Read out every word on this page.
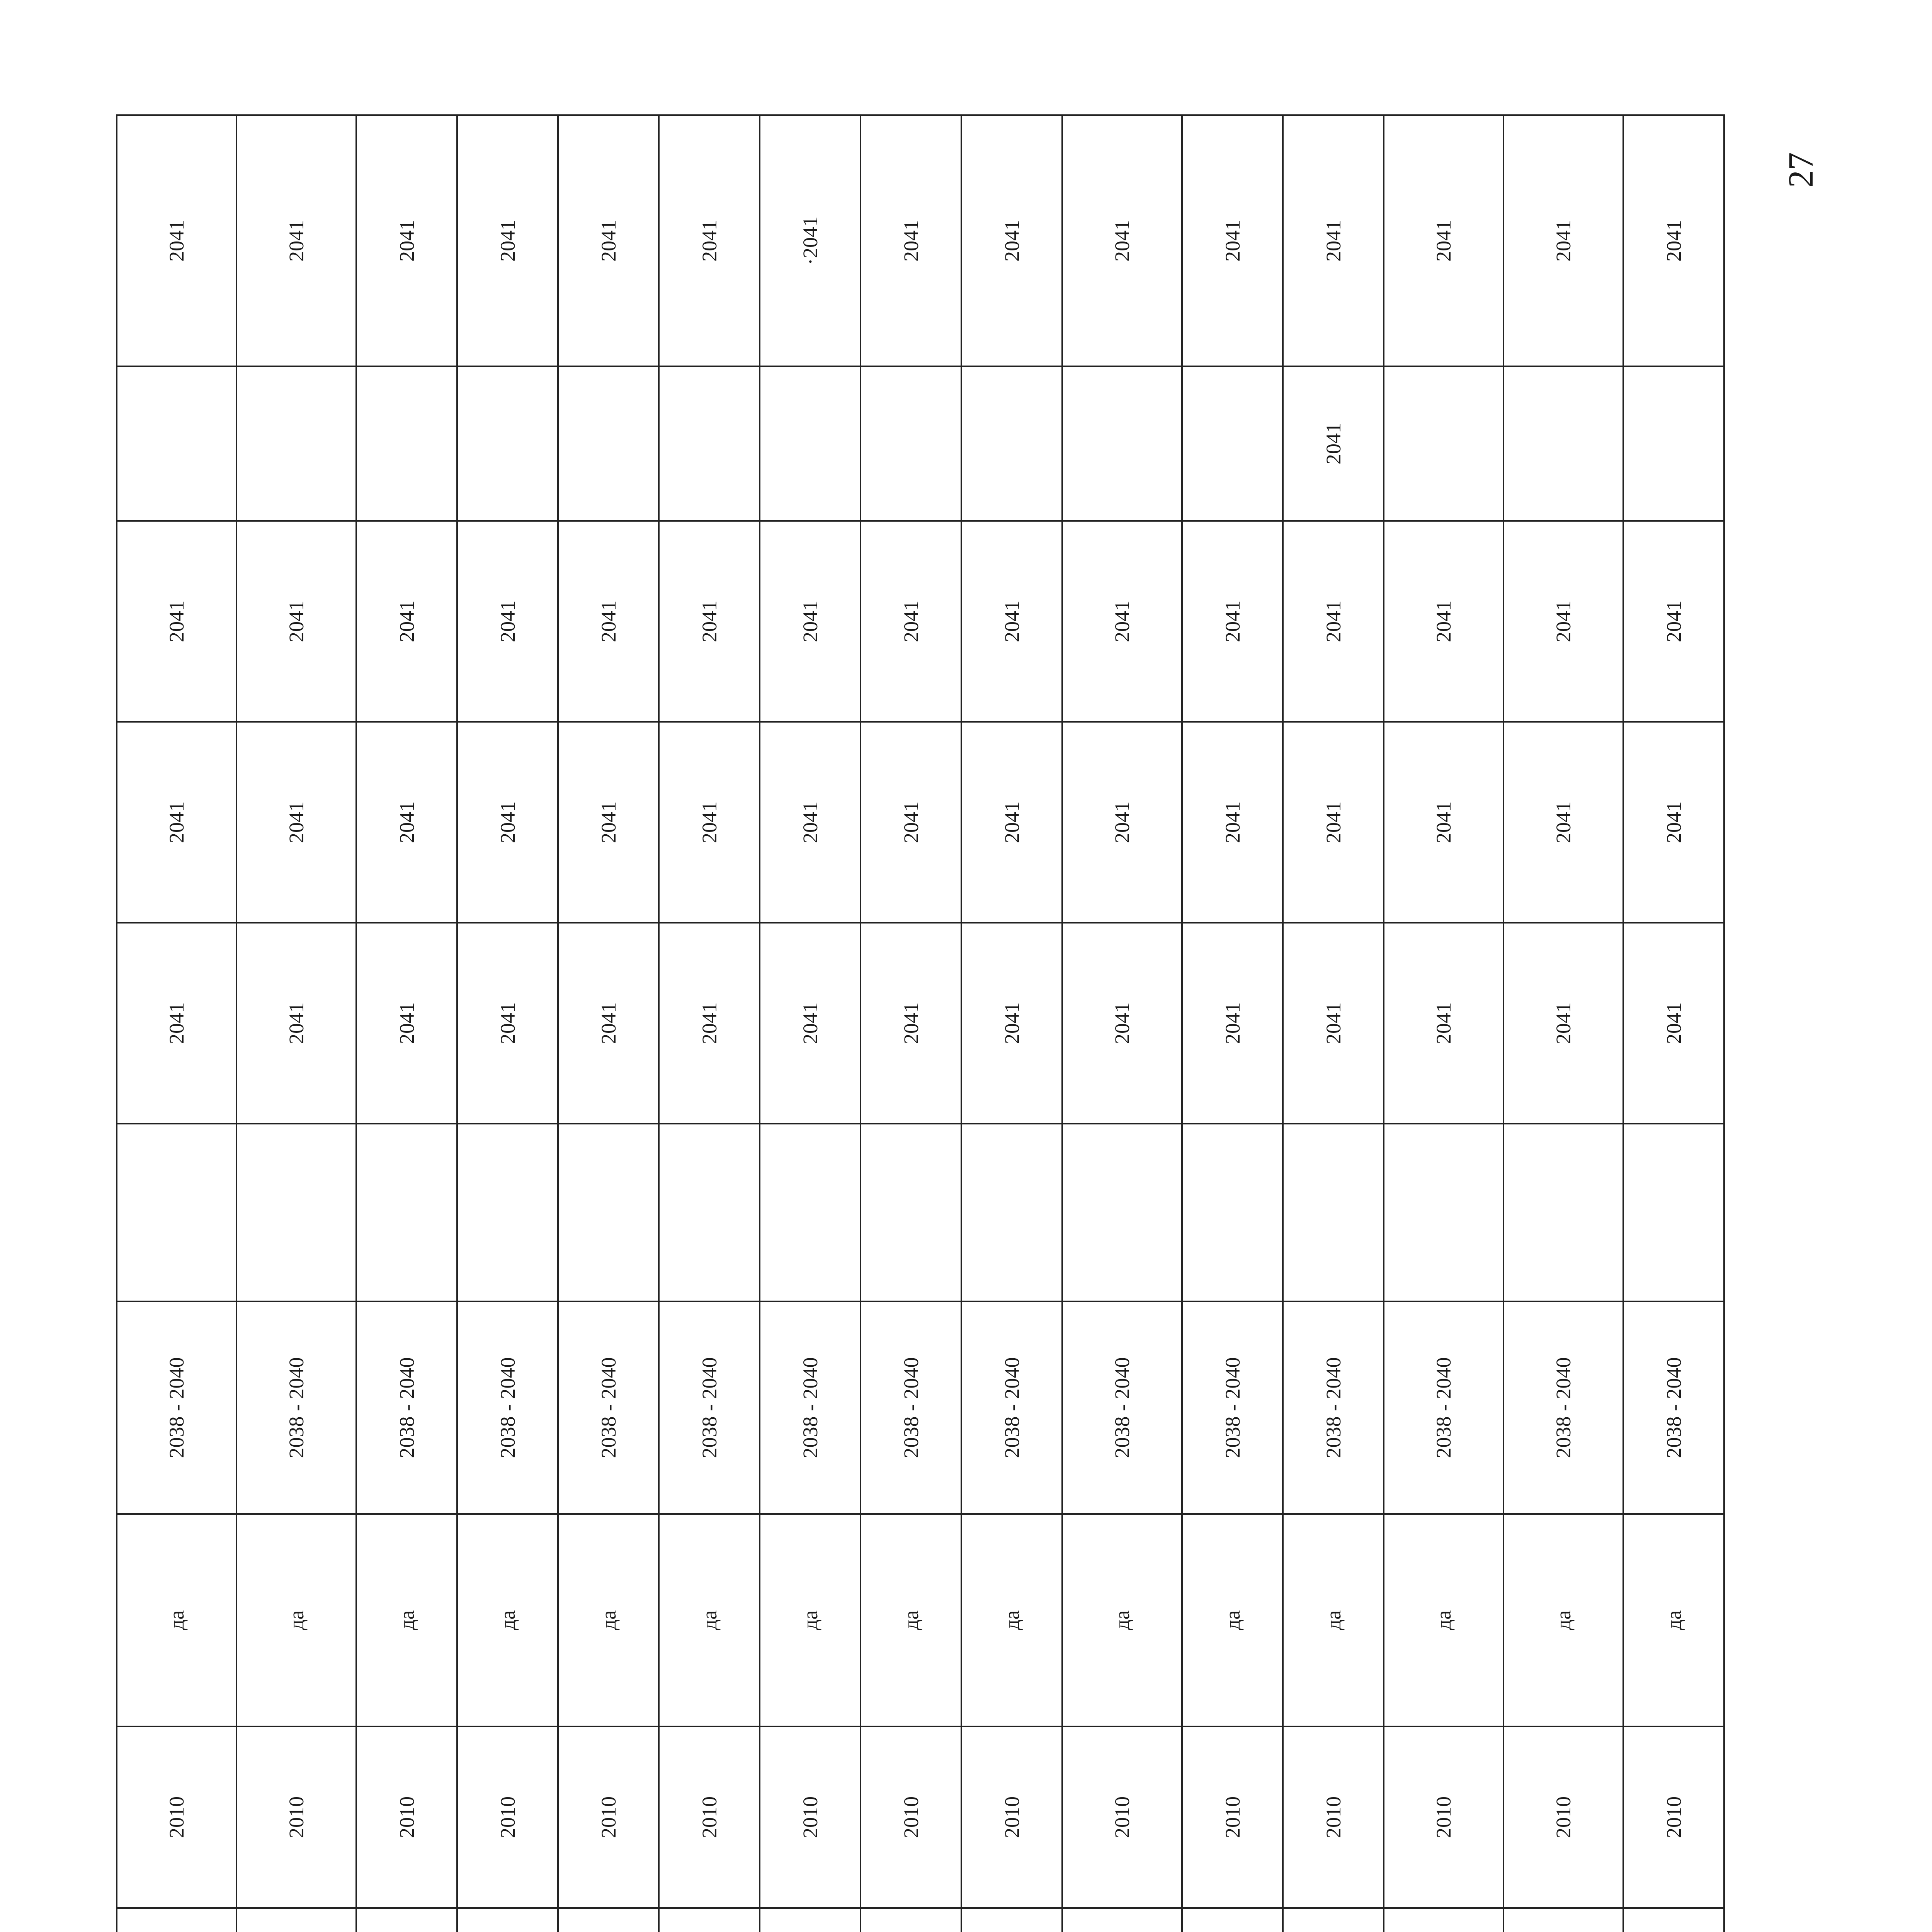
27
					2010	да	2038 - 2040		2041	2041	2041		2041
					2010	да	2038 - 2040		2041	2041	2041		2041
					2010	да	2038 - 2040		2041	2041	2041		2041
					2010	да	2038 - 2040		2041	2041	2041		2041
					2010	да	2038 - 2040		2041	2041	2041		2041
					2010	да	2038 - 2040		2041	2041	2041		2041
					2010	да	2038 - 2040		2041	2041	2041		·2041
					2010	да	2038 - 2040		2041	2041	2041		2041
					2010	да	2038 - 2040		2041	2041	2041		2041
					2010	да	2038 - 2040		2041	2041	2041		2041
					2010	да	2038 - 2040		2041	2041	2041		2041
					2010	да	2038 - 2040		2041	2041	2041	2041	2041
					2010	да	2038 - 2040		2041	2041	2041		2041
					2010	да	2038 - 2040		2041	2041	2041		2041
					2010	да	2038 - 2040		2041	2041	2041		2041
